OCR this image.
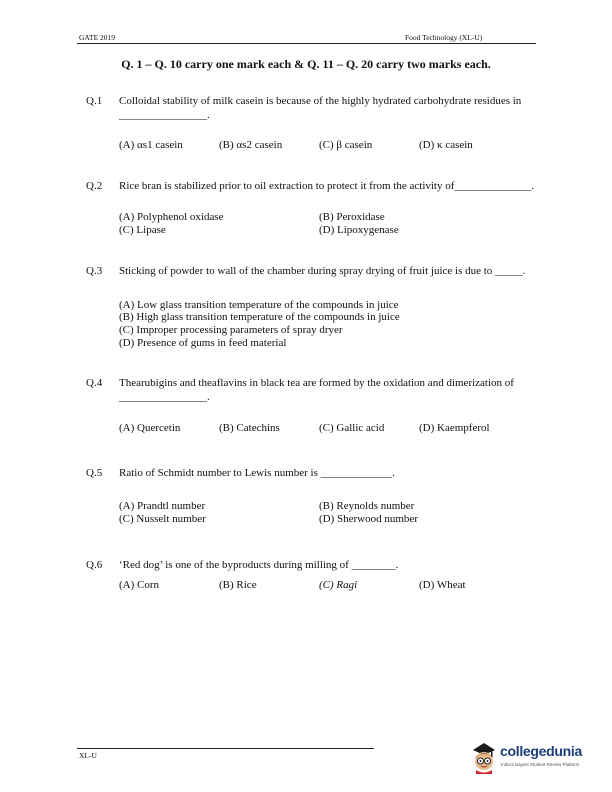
GATE 2019	Food Technology (XL-U)
Q. 1 – Q. 10 carry one mark each & Q. 11 – Q. 20 carry two marks each.
Q.1 Colloidal stability of milk casein is because of the highly hydrated carbohydrate residues in
________________.
(A) αs1 casein	(B) αs2 casein	(C) β casein	(D) κ casein
Q.2 Rice bran is stabilized prior to oil extraction to protect it from the activity of______________.
(A) Polyphenol oxidase	(B) Peroxidase
(C) Lipase	(D) Lipoxygenase
Q.3 Sticking of powder to wall of the chamber during spray drying of fruit juice is due to _____.
(A) Low glass transition temperature of the compounds in juice
(B) High glass transition temperature of the compounds in juice
(C) Improper processing parameters of spray dryer
(D) Presence of gums in feed material
Q.4 Thearubigins and theaflavins in black tea are formed by the oxidation and dimerization of
________________.
(A) Quercetin	(B) Catechins	(C) Gallic acid	(D) Kaempferol
Q.5 Ratio of Schmidt number to Lewis number is _____________.
(A) Prandtl number	(B) Reynolds number
(C) Nusselt number	(D) Sherwood number
Q.6 ‘Red dog’ is one of the byproducts during milling of ________.
(A) Corn	(B) Rice	(C) Ragi	(D) Wheat
XL-U	collegedunia
India's largest Student Review Platform
